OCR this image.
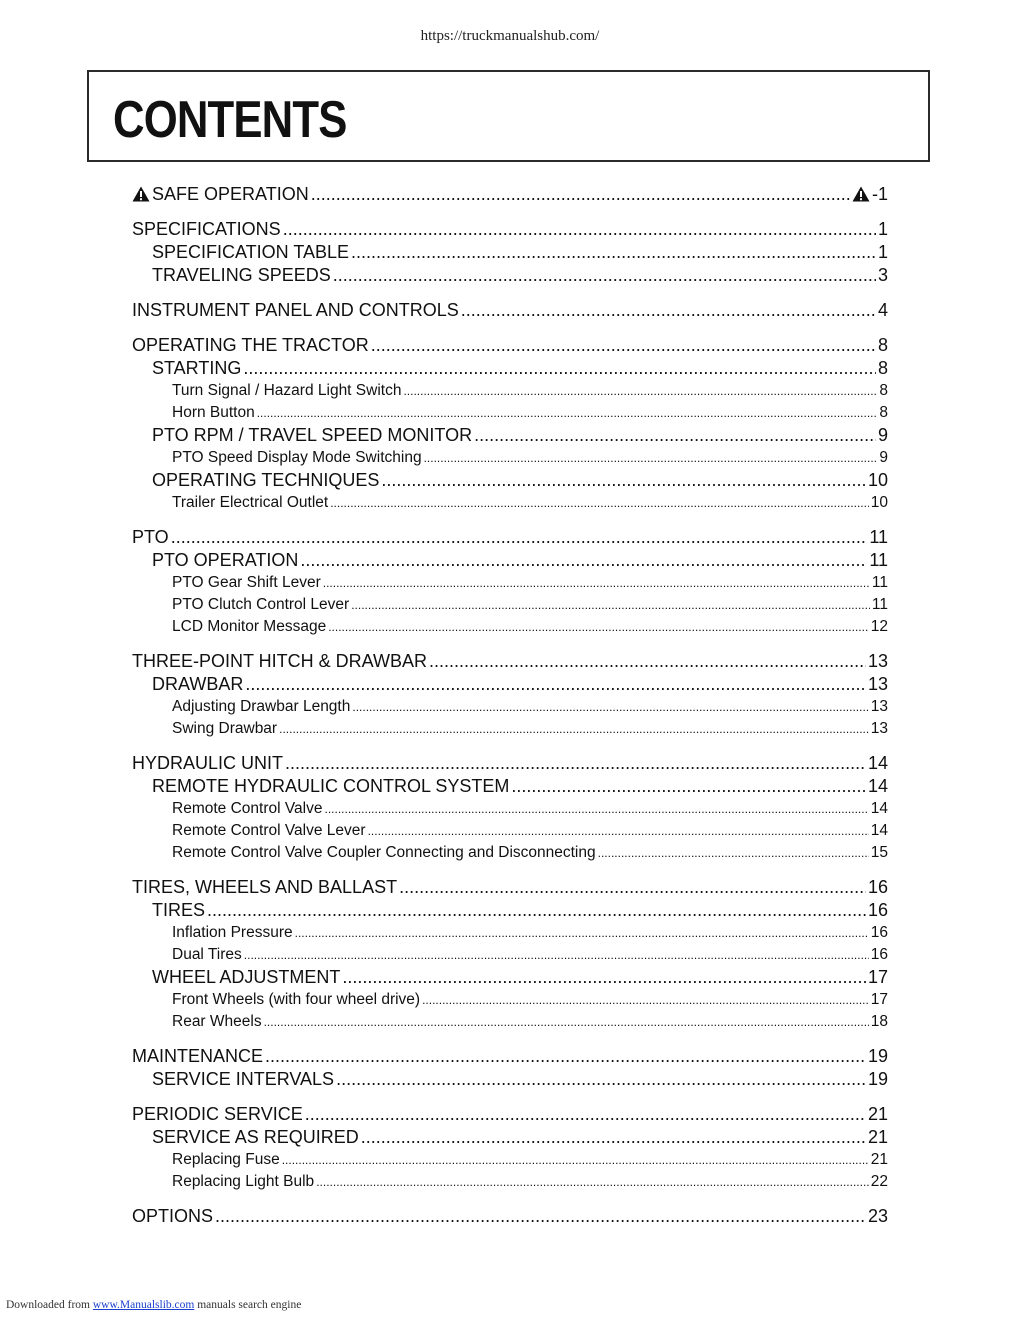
https://truckmanualshub.com/
CONTENTS
SAFE OPERATION .....	-1
SPECIFICATIONS .....	1
SPECIFICATION TABLE .....	1
TRAVELING SPEEDS .....	3
INSTRUMENT PANEL AND CONTROLS .....	4
OPERATING THE TRACTOR .....	8
STARTING .....	8
Turn Signal / Hazard Light Switch .....	8
Horn Button .....	8
PTO RPM / TRAVEL SPEED MONITOR .....	9
PTO Speed Display Mode Switching .....	9
OPERATING TECHNIQUES .....	10
Trailer Electrical Outlet .....	10
PTO .....	11
PTO OPERATION .....	11
PTO Gear Shift Lever .....	11
PTO Clutch Control Lever .....	11
LCD Monitor Message .....	12
THREE-POINT HITCH & DRAWBAR .....	13
DRAWBAR .....	13
Adjusting Drawbar Length .....	13
Swing Drawbar .....	13
HYDRAULIC UNIT .....	14
REMOTE HYDRAULIC CONTROL SYSTEM .....	14
Remote Control Valve .....	14
Remote Control Valve Lever .....	14
Remote Control Valve Coupler Connecting and Disconnecting .....	15
TIRES, WHEELS AND BALLAST .....	16
TIRES .....	16
Inflation Pressure .....	16
Dual Tires .....	16
WHEEL ADJUSTMENT .....	17
Front Wheels (with four wheel drive) .....	17
Rear Wheels .....	18
MAINTENANCE .....	19
SERVICE INTERVALS .....	19
PERIODIC SERVICE .....	21
SERVICE AS REQUIRED .....	21
Replacing Fuse .....	21
Replacing Light Bulb .....	22
OPTIONS .....	23
Downloaded from www.Manualslib.com manuals search engine
